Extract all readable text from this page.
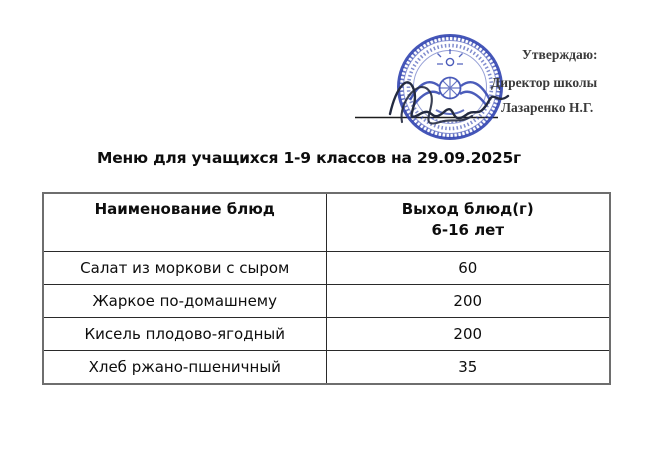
Утверждаю:
Директор школы
Лазаренко Н.Г.
Меню для учащихся 1-9 классов на 29.09.2025г
Наименование блюд	Выход блюд(г)
6-16 лет

Салат из моркови с сыром	60
Жаркое по-домашнему	200
Кисель плодово-ягодный	200
Хлеб ржано-пшеничный	35
